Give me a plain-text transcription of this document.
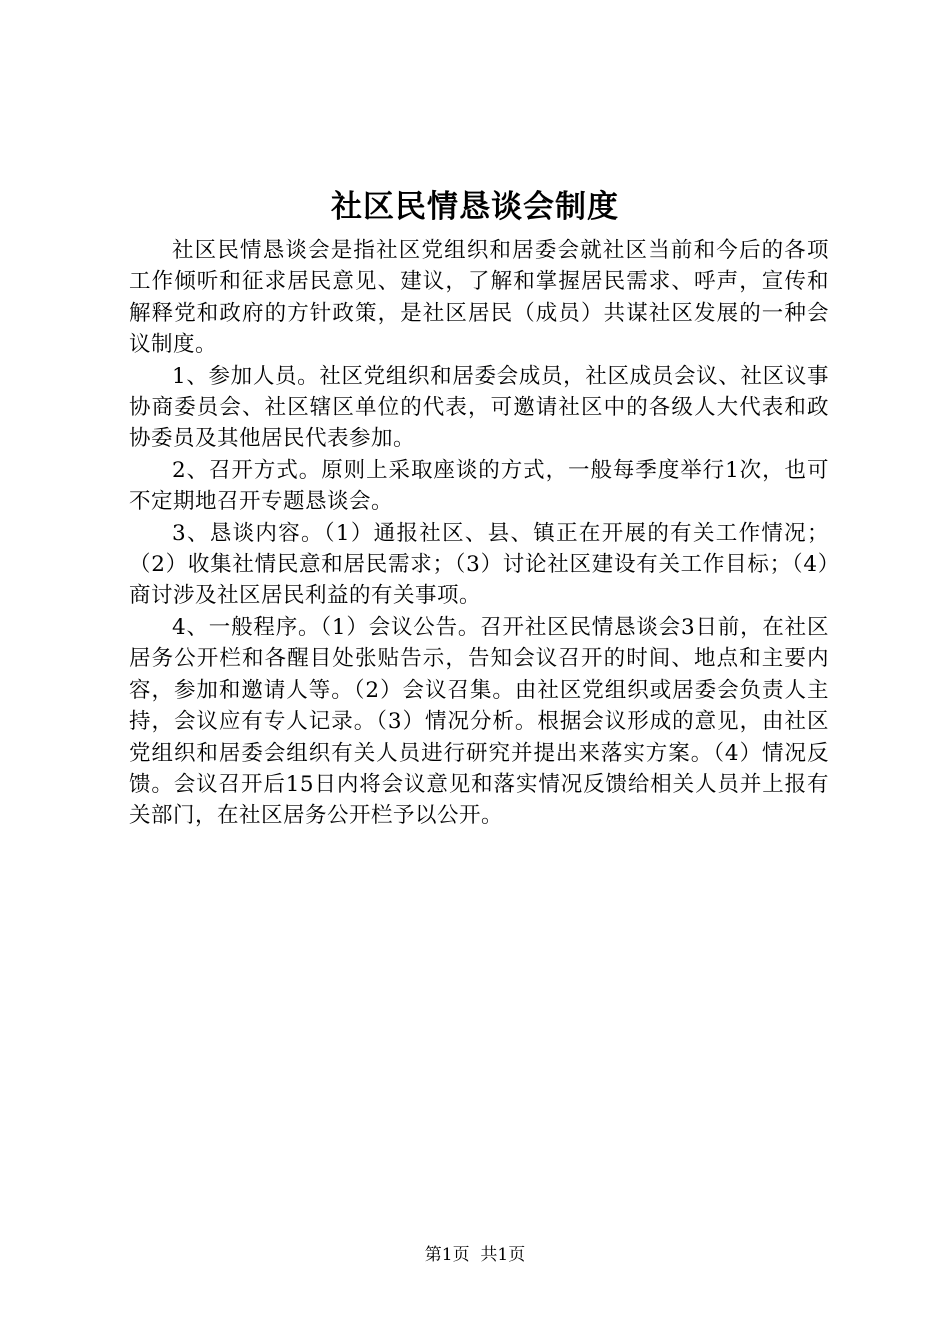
社区民情恳谈会制度

社区民情恳谈会是指社区党组织和居委会就社区当前和今后的各项工作倾听和征求居民意见、建议，了解和掌握居民需求、呼声，宣传和解释党和政府的方针政策，是社区居民（成员）共谋社区发展的一种会议制度。

1、参加人员。社区党组织和居委会成员，社区成员会议、社区议事协商委员会、社区辖区单位的代表，可邀请社区中的各级人大代表和政协委员及其他居民代表参加。

2、召开方式。原则上采取座谈的方式，一般每季度举行1次，也可不定期地召开专题恳谈会。

3、恳谈内容。（1）通报社区、县、镇正在开展的有关工作情况；（2）收集社情民意和居民需求；（3）讨论社区建设有关工作目标；（4）商讨涉及社区居民利益的有关事项。

4、一般程序。（1）会议公告。召开社区民情恳谈会3日前，在社区居务公开栏和各醒目处张贴告示，告知会议召开的时间、地点和主要内容，参加和邀请人等。（2）会议召集。由社区党组织或居委会负责人主持，会议应有专人记录。（3）情况分析。根据会议形成的意见，由社区党组织和居委会组织有关人员进行研究并提出来落实方案。（4）情况反馈。会议召开后15日内将会议意见和落实情况反馈给相关人员并上报有关部门，在社区居务公开栏予以公开。

第1页  共1页
